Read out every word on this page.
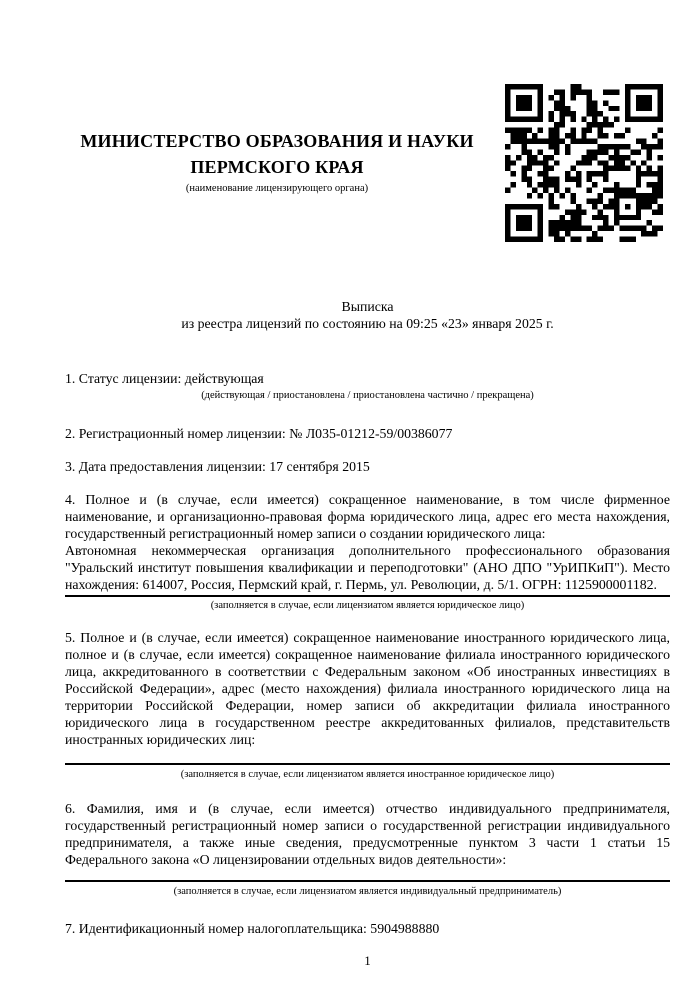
МИНИСТЕРСТВО ОБРАЗОВАНИЯ И НАУКИ
ПЕРМСКОГО КРАЯ
(наименование лицензирующего органа)
Выписка
из реестра лицензий по состоянию на 09:25 «23» января 2025 г.
1. Статус лицензии: действующая
(действующая / приостановлена / приостановлена частично / прекращена)
2. Регистрационный номер лицензии: № Л035-01212-59/00386077
3. Дата предоставления лицензии: 17 сентября 2015
4. Полное и (в случае, если имеется) сокращенное наименование, в том числе фирменное наименование, и организационно-правовая форма юридического лица, адрес его места нахождения, государственный регистрационный номер записи о создании юридического лица:
Автономная некоммерческая организация дополнительного профессионального образования "Уральский институт повышения квалификации и переподготовки" (АНО ДПО "УрИПКиП"). Место нахождения: 614007, Россия, Пермский край, г. Пермь, ул. Революции, д. 5/1. ОГРН: 1125900001182.
(заполняется в случае, если лицензиатом является юридическое лицо)
5. Полное и (в случае, если имеется) сокращенное наименование иностранного юридического лица, полное и (в случае, если имеется) сокращенное наименование филиала иностранного юридического лица, аккредитованного в соответствии с Федеральным законом «Об иностранных инвестициях в Российской Федерации», адрес (место нахождения) филиала иностранного юридического лица на территории Российской Федерации, номер записи об аккредитации филиала иностранного юридического лица в государственном реестре аккредитованных филиалов, представительств иностранных юридических лиц:
(заполняется в случае, если лицензиатом является иностранное юридическое лицо)
6. Фамилия, имя и (в случае, если имеется) отчество индивидуального предпринимателя, государственный регистрационный номер записи о государственной регистрации индивидуального предпринимателя, а также иные сведения, предусмотренные пунктом 3 части 1 статьи 15 Федерального закона «О лицензировании отдельных видов деятельности»:
(заполняется в случае, если лицензиатом является индивидуальный предприниматель)
7. Идентификационный номер налогоплательщика: 5904988880
1
